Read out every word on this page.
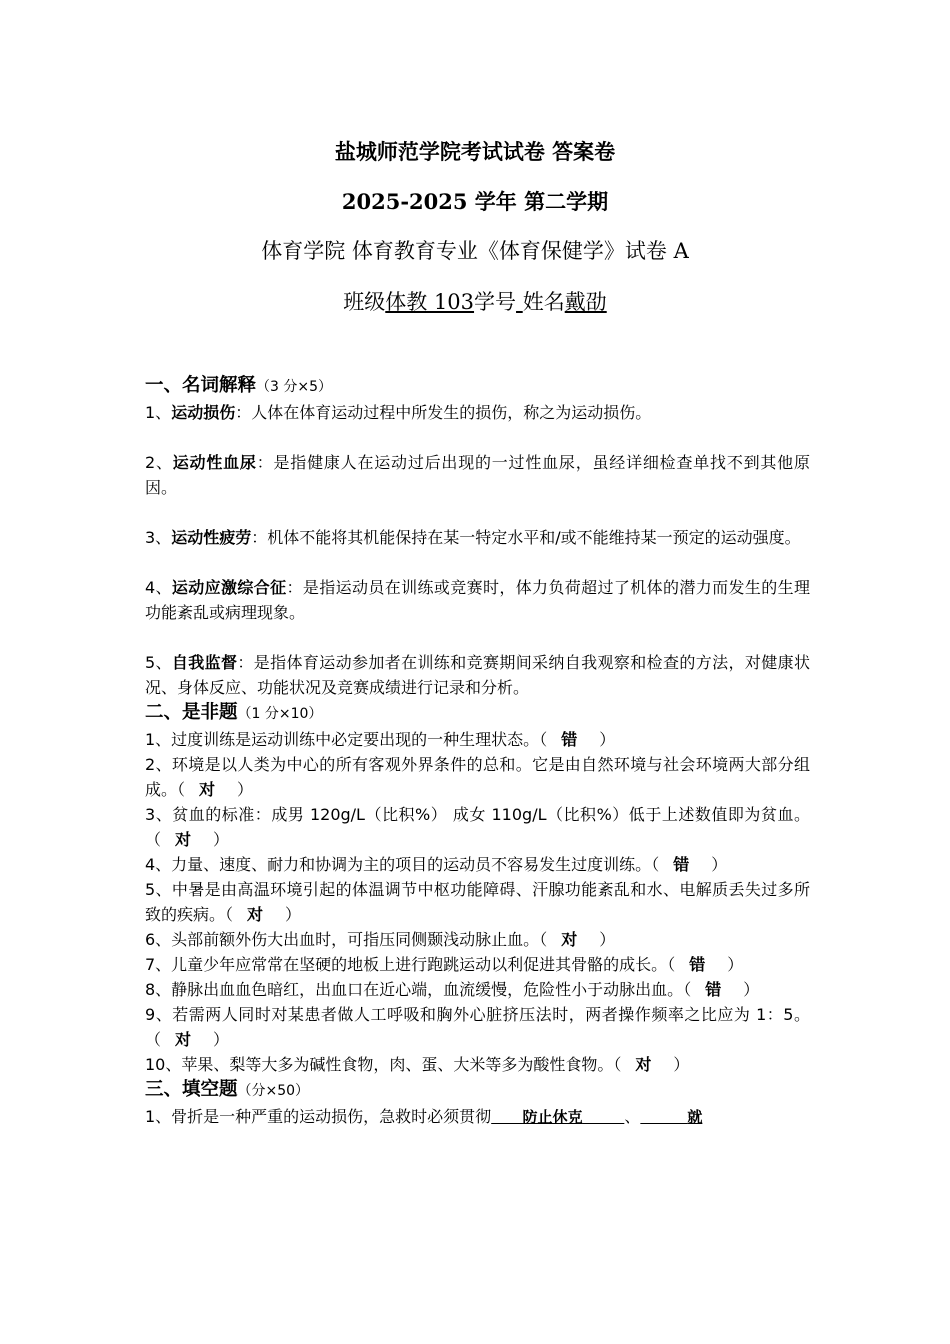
盐城师范学院考试试卷 答案卷
2025-2025 学年 第二学期
体育学院 体育教育专业《体育保健学》试卷 A
班级体教 103学号 姓名戴劭

一、名词解释（3 分×5）

1、运动损伤：人体在体育运动过程中所发生的损伤，称之为运动损伤。

2、运动性血尿：是指健康人在运动过后出现的一过性血尿，虽经详细检查单找不到其他原因。

3、运动性疲劳：机体不能将其机能保持在某一特定水平和/或不能维持某一预定的运动强度。

4、运动应激综合征：是指运动员在训练或竞赛时，体力负荷超过了机体的潜力而发生的生理功能紊乱或病理现象。

5、自我监督：是指体育运动参加者在训练和竞赛期间采纳自我观察和检查的方法，对健康状况、身体反应、功能状况及竞赛成绩进行记录和分析。

二、是非题（1 分×10）

1、过度训练是运动训练中必定要出现的一种生理状态。（ 错 ）

2、环境是以人类为中心的所有客观外界条件的总和。它是由自然环境与社会环境两大部分组成。（ 对 ）

3、贫血的标准：成男 120g/L（比积%） 成女 110g/L（比积%）低于上述数值即为贫血。（ 对 ）

4、力量、速度、耐力和协调为主的项目的运动员不容易发生过度训练。（ 错 ）

5、中暑是由高温环境引起的体温调节中枢功能障碍、汗腺功能紊乱和水、电解质丢失过多所致的疾病。（ 对 ）

6、头部前额外伤大出血时，可指压同侧颞浅动脉止血。（ 对 ）

7、儿童少年应常常在坚硬的地板上进行跑跳运动以利促进其骨骼的成长。（ 错 ）

8、静脉出血血色暗红，出血口在近心端，血流缓慢，危险性小于动脉出血。（ 错 ）

9、若需两人同时对某患者做人工呼吸和胸外心脏挤压法时，两者操作频率之比应为 1：5。（ 对 ）

10、苹果、梨等大多为碱性食物，肉、蛋、大米等多为酸性食物。（ 对 ）

三、填空题（分×50）

1、骨折是一种严重的运动损伤，急救时必须贯彻 防止休克	、	就
